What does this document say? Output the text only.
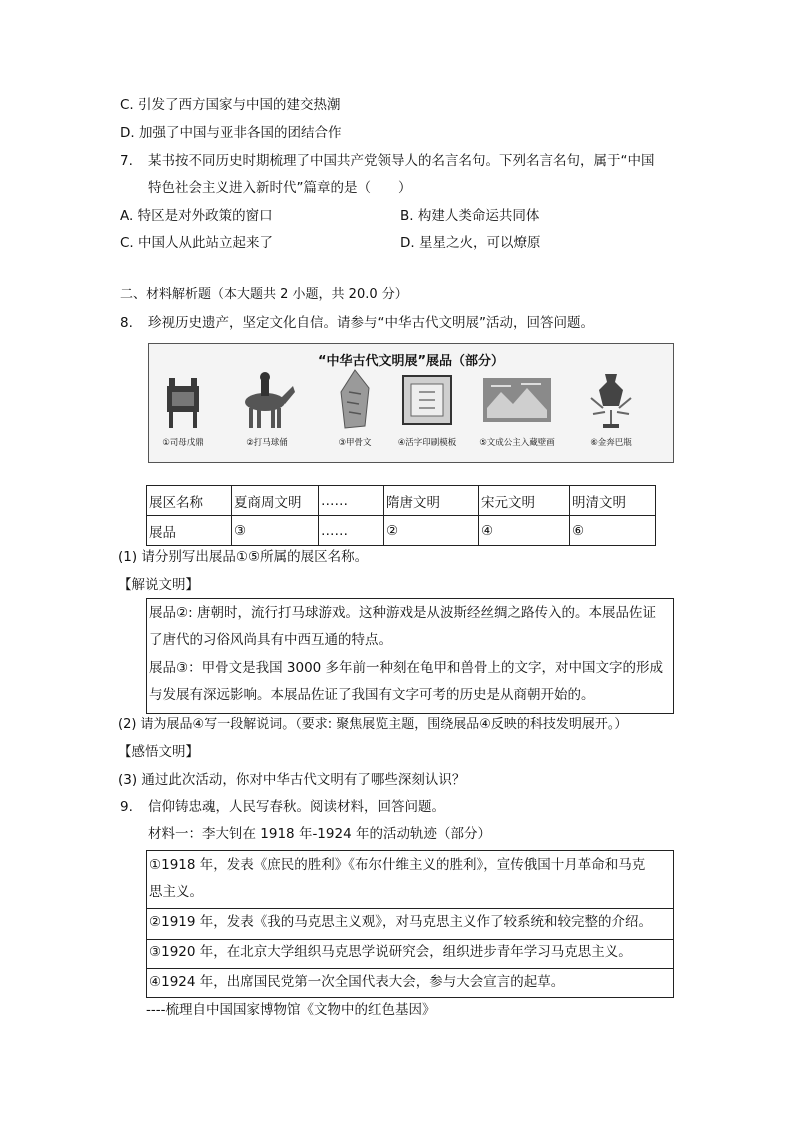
C. 引发了西方国家与中国的建交热潮
D. 加强了中国与亚非各国的团结合作
7. 某书按不同历史时期梳理了中国共产党领导人的名言名句。下列名言名句，属于“中国
特色社会主义进入新时代”篇章的是（　　）
A. 特区是对外政策的窗口	B. 构建人类命运共同体
C. 中国人从此站立起来了	D. 星星之火，可以燎原
二、材料解析题（本大题共 2 小题，共 20.0 分）
8. 珍视历史遗产，坚定文化自信。请参与“中华古代文明展”活动，回答问题。
“中华古代文明展”展品（部分）
①司母戊鼎	②打马球俑	③甲骨文	④活字印刷模板	⑤文成公主入藏壁画	⑥金奔巴瓶
展区名称	夏商周文明	……	隋唐文明	宋元文明	明清文明
展品	③	……	②	④	⑥
(1) 请分别写出展品①⑤所属的展区名称。
【解说文明】
展品②: 唐朝时，流行打马球游戏。这种游戏是从波斯经丝绸之路传入的。本展品佐证
了唐代的习俗风尚具有中西互通的特点。
展品③：甲骨文是我国 3000 多年前一种刻在龟甲和兽骨上的文字，对中国文字的形成
与发展有深远影响。本展品佐证了我国有文字可考的历史是从商朝开始的。
(2) 请为展品④写一段解说词。（要求: 聚焦展览主题，围绕展品④反映的科技发明展开。）
【感悟文明】
(3) 通过此次活动，你对中华古代文明有了哪些深刻认识？
9. 信仰铸忠魂，人民写春秋。阅读材料，回答问题。
材料一：李大钊在 1918 年-1924 年的活动轨迹（部分）
①1918 年，发表《庶民的胜利》《布尔什维主义的胜利》，宣传俄国十月革命和马克
思主义。
②1919 年，发表《我的马克思主义观》，对马克思主义作了较系统和较完整的介绍。
③1920 年，在北京大学组织马克思学说研究会，组织进步青年学习马克思主义。
④1924 年，出席国民党第一次全国代表大会，参与大会宣言的起草。
----梳理自中国国家博物馆《文物中的红色基因》
